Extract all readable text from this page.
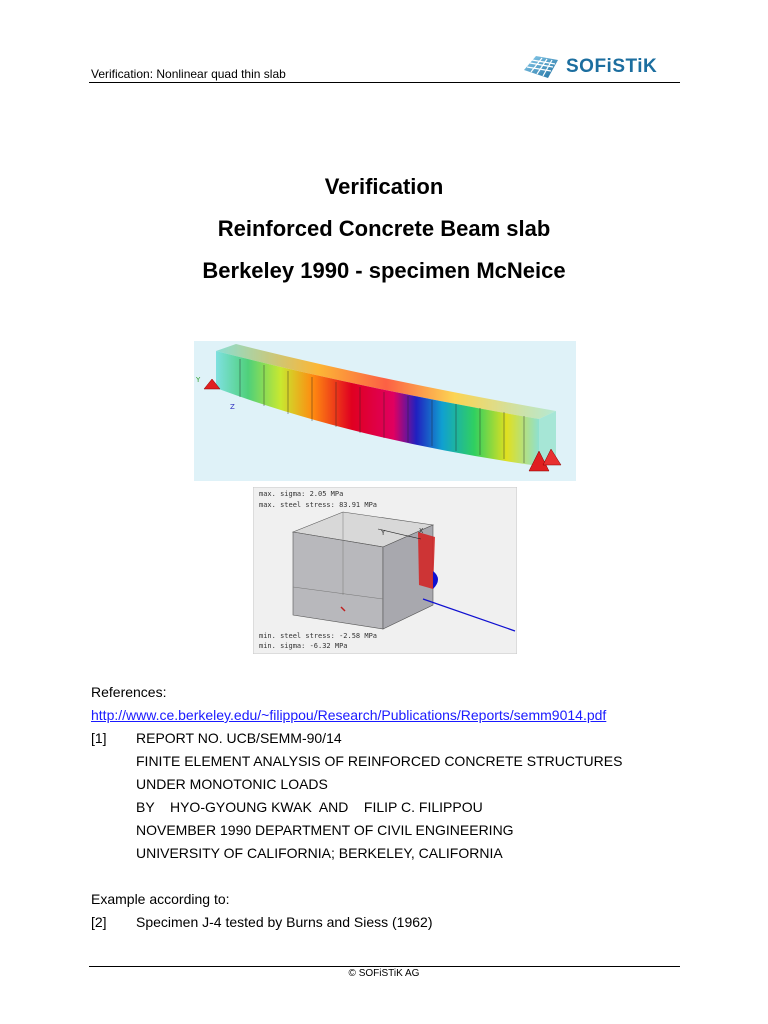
Verification: Nonlinear quad thin slab	SOFiSTiK
Verification
Reinforced Concrete Beam slab
Berkeley 1990 - specimen McNeice
Y
Z
max. sigma: 2.05 MPa
max. steel stress: 83.91 MPa
min. steel stress: -2.58 MPa
min. sigma: -6.32 MPa
Y	X
References:
http://www.ce.berkeley.edu/~filippou/Research/Publications/Reports/semm9014.pdf
[1] REPORT NO. UCB/SEMM-90/14
FINITE ELEMENT ANALYSIS OF REINFORCED CONCRETE STRUCTURES
UNDER MONOTONIC LOADS
BY    HYO-GYOUNG KWAK  AND    FILIP C. FILIPPOU
NOVEMBER 1990 DEPARTMENT OF CIVIL ENGINEERING
UNIVERSITY OF CALIFORNIA; BERKELEY, CALIFORNIA
Example according to:
[2] Specimen J-4 tested by Burns and Siess (1962)
© SOFiSTiK AG
